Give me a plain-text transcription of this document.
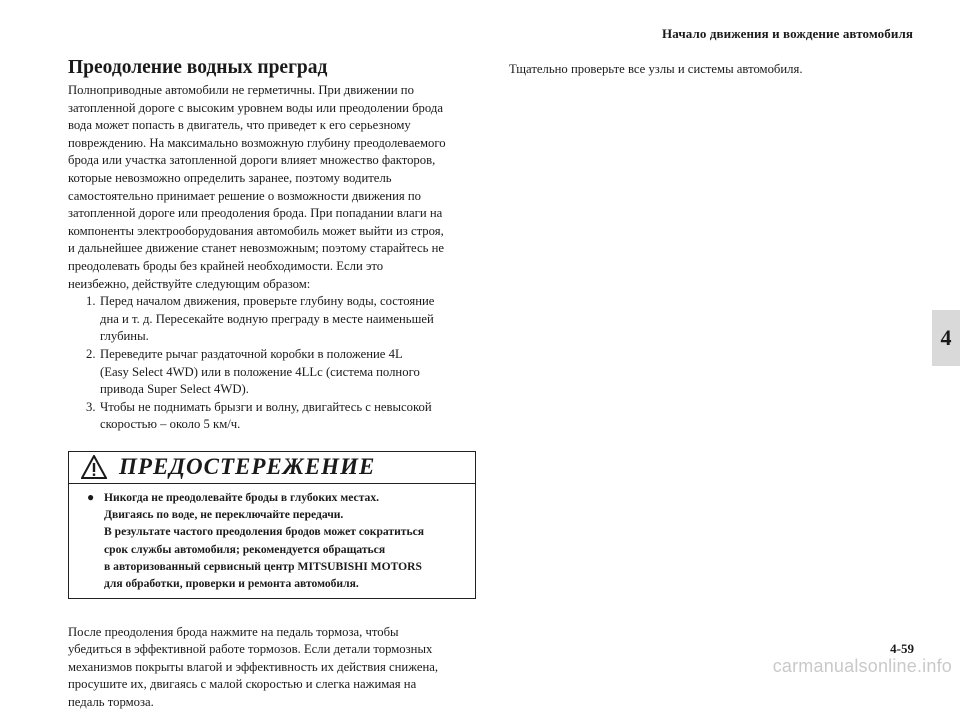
Начало движения и вождение автомобиля
4
Преодоление водных преград

Полноприводные автомобили не герметичны. При движении по

затопленной дороге с высоким уровнем воды или преодолении брода

вода может попасть в двигатель, что приведет к его серьезному

повреждению. На максимально возможную глубину преодолеваемого

брода или участка затопленной дороги влияет множество факторов,

которые невозможно определить заранее, поэтому водитель

самостоятельно принимает решение о возможности движения по

затопленной дороге или преодоления брода. При попадании влаги на

компоненты электрооборудования автомобиль может выйти из строя,

и дальнейшее движение станет невозможным; поэтому старайтесь не

преодолевать броды без крайней необходимости. Если это

неизбежно, действуйте следующим образом:

1. Перед началом движения, проверьте глубину воды, состояние
дна и т. д. Пересекайте водную преграду в месте наименьшей
глубины.
2. Переведите рычаг раздаточной коробки в положение 4L
(Easy Select 4WD) или в положение 4LLc (система полного
привода Super Select 4WD).
3. Чтобы не поднимать брызги и волну, двигайтесь с невысокой
скоростью – около 5 км/ч.
ПРЕДОСТЕРЕЖЕНИЕ
● Никогда не преодолевайте броды в глубоких местах.
Двигаясь по воде, не переключайте передачи.
В результате частого преодоления бродов может сократиться
срок службы автомобиля; рекомендуется обращаться
в авторизованный сервисный центр MITSUBISHI MOTORS
для обработки, проверки и ремонта автомобиля.

После преодоления брода нажмите на педаль тормоза, чтобы

убедиться в эффективной работе тормозов. Если детали тормозных

механизмов покрыты влагой и эффективность их действия снижена,

просушите их, двигаясь с малой скоростью и слегка нажимая на

педаль тормоза.

Тщательно проверьте все узлы и системы автомобиля.

4-59
carmanualsonline.info
